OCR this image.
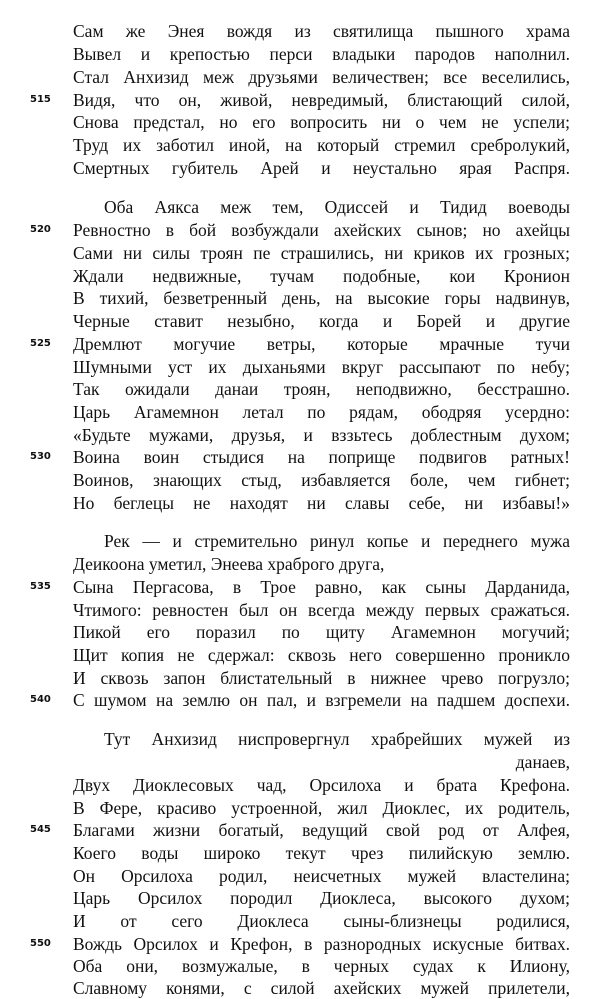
Сам же Энея вождя из святилища пышного храма
Вывел и крепостью перси владыки пародов наполнил.
Стал Анхизид меж друзьями величествен; все веселились,
Видя, что он, живой, невредимый, блистающий силой,
Снова предстал, но его вопросить ни о чем не успели;
Труд их заботил иной, на который стремил сребролукий,
Смертных губитель Арей и неустально ярая Распря.
Оба Аякса меж тем, Одиссей и Тидид воеводы
Ревностно в бой возбуждали ахейских сынов; но ахейцы
Сами ни силы троян пе страшились, ни криков их грозных;
Ждали недвижные, тучам подобные, кои Кронион
В тихий, безветренный день, на высокие горы надвинув,
Черные ставит незыбно, когда и Борей и другие
Дремлют могучие ветры, которые мрачные тучи
Шумными уст их дыханьями вкруг рассыпают по небу;
Так ожидали данаи троян, неподвижно, бесстрашно.
Царь Агамемнон летал по рядам, ободряя усердно:
«Будьте мужами, друзья, и вззьтесь доблестным духом;
Воина воин стыдися на поприще подвигов ратных!
Воинов, знающих стыд, избавляется боле, чем гибнет;
Но беглецы не находят ни славы себе, ни избавы!»
Рек — и стремительно ринул копье и переднего мужа
Деикоона уметил, Энеева храброго друга,
Сына Пергасова, в Трое равно, как сыны Дарданида,
Чтимого: ревностен был он всегда между первых сражаться.
Пикой его поразил по щиту Агамемнон могучий;
Щит копия не сдержал: сквозь него совершенно проникло
И сквозь запон блистательный в нижнее чрево погрузло;
С шумом на землю он пал, и взгремели на падшем доспехи.
Тут Анхизид ниспровергнул храбрейших мужей из
данаев,
Двух Диоклесовых чад, Орсилоха и брата Крефона.
В Фере, красиво устроенной, жил Диоклес, их родитель,
Благами жизни богатый, ведущий свой род от Алфея,
Коего воды широко текут чрез пилийскую землю.
Он Орсилоха родил, неисчетных мужей властелина;
Царь Орсилох породил Диоклеса, высокого духом;
И от сего Диоклеса сыны-близнецы родилися,
Вождь Орсилох и Крефон, в разнородных искусные битвах.
Оба они, возмужалые, в черных судах к Илиону,
Славному конями, с силой ахейских мужей прилетели,
515
520
525
530
535
540
545
550
